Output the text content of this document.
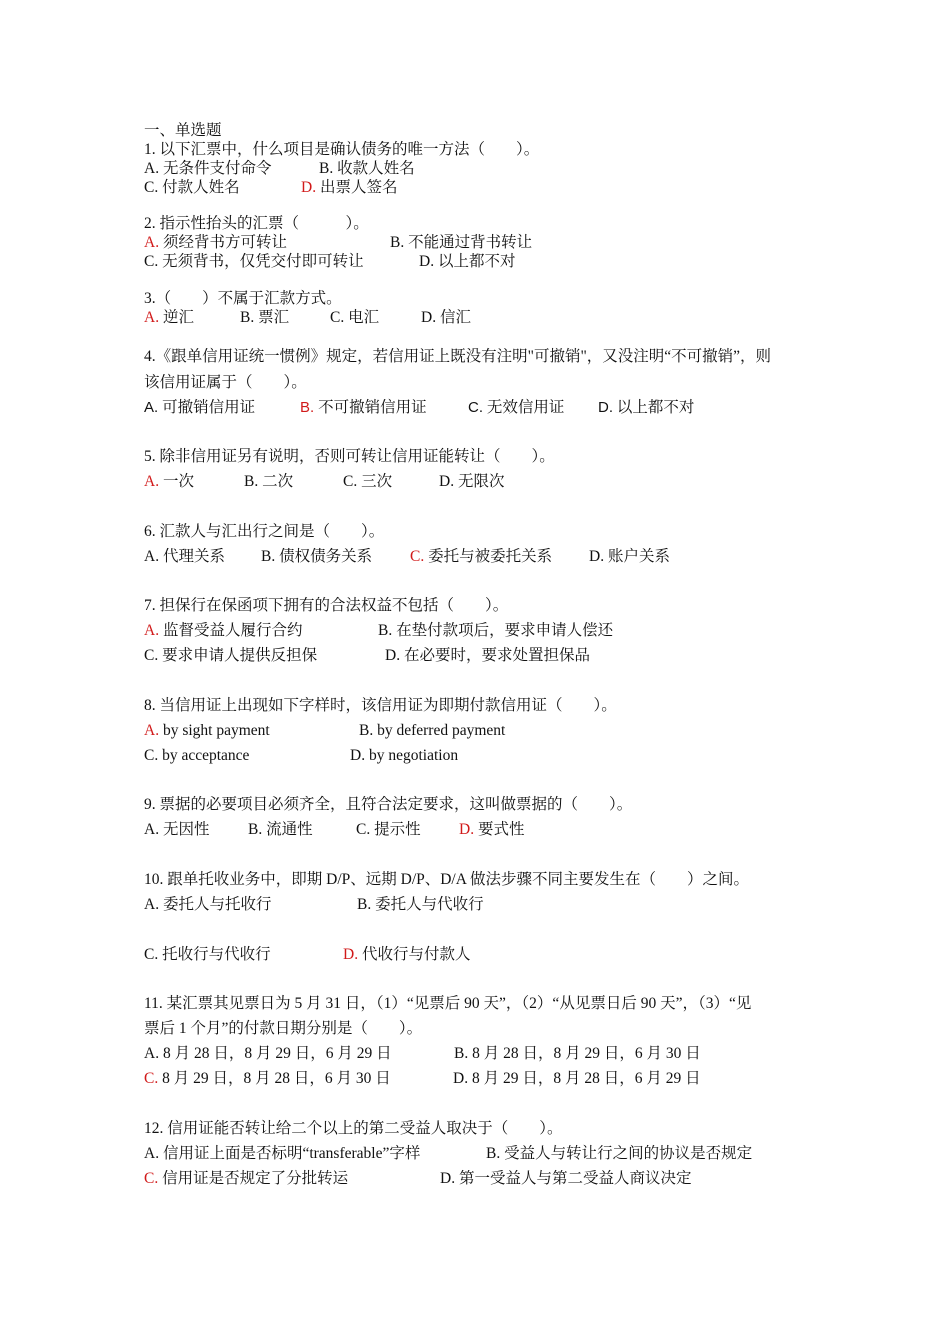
一、单选题
1. 以下汇票中，什么项目是确认债务的唯一方法（　　）。
A. 无条件支付命令	B. 收款人姓名
C. 付款人姓名	D. 出票人签名
2. 指示性抬头的汇票（　　　）。
A. 须经背书方可转让	B. 不能通过背书转让
C. 无须背书，仅凭交付即可转让	D. 以上都不对
3.（　　）不属于汇款方式。
A. 逆汇	B. 票汇	C. 电汇	D. 信汇
4.《跟单信用证统一惯例》规定，若信用证上既没有注明"可撤销"，又没注明“不可撤销”，则
该信用证属于（　　）。
A. 可撤销信用证	B. 不可撤销信用证	C. 无效信用证 D. 以上都不对
5. 除非信用证另有说明，否则可转让信用证能转让（　　）。
A. 一次	B. 二次	C. 三次	D. 无限次
6. 汇款人与汇出行之间是（　　）。
A. 代理关系 B. 债权债务关系 C. 委托与被委托关系 D. 账户关系
7. 担保行在保函项下拥有的合法权益不包括（　　）。
A. 监督受益人履行合约	B. 在垫付款项后，要求申请人偿还
C. 要求申请人提供反担保	D. 在必要时，要求处置担保品
8. 当信用证上出现如下字样时，该信用证为即期付款信用证（　　）。
A. by sight payment	B. by deferred payment
C. by acceptance	D. by negotiation
9. 票据的必要项目必须齐全，且符合法定要求，这叫做票据的（　　）。
A. 无因性 B. 流通性	C. 提示性 D. 要式性
10. 跟单托收业务中，即期 D/P、远期 D/P、D/A 做法步骤不同主要发生在（　　）之间。
A. 委托人与托收行	B. 委托人与代收行
C. 托收行与代收行	D. 代收行与付款人
11. 某汇票其见票日为 5 月 31 日，（1）“见票后 90 天”，（2）“从见票日后 90 天”，（3）“见
票后 1 个月”的付款日期分别是（　　）。
A. 8 月 28 日，8 月 29 日，6 月 29 日	B. 8 月 28 日，8 月 29 日，6 月 30 日
C. 8 月 29 日，8 月 28 日，6 月 30 日	D. 8 月 29 日，8 月 28 日，6 月 29 日
12. 信用证能否转让给二个以上的第二受益人取决于（　　）。
A. 信用证上面是否标明“transferable”字样	B. 受益人与转让行之间的协议是否规定
C. 信用证是否规定了分批转运	D. 第一受益人与第二受益人商议决定
